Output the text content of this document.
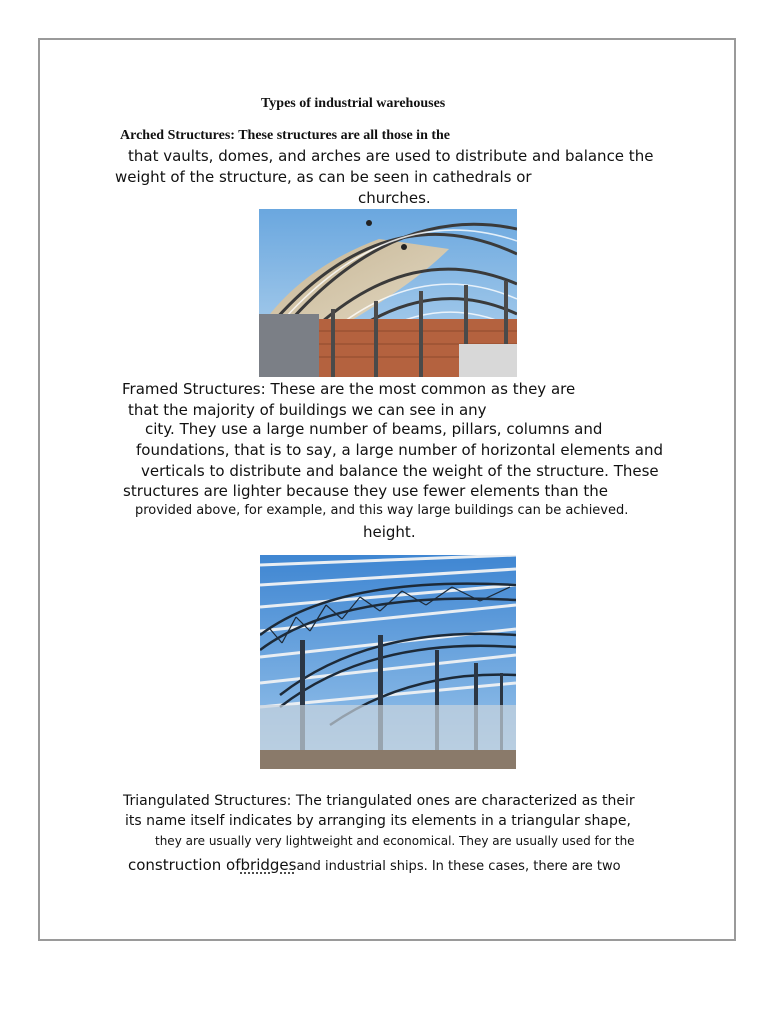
Types of industrial warehouses
Arched Structures: These structures are all those in the
that vaults, domes, and arches are used to distribute and balance the
weight of the structure, as can be seen in cathedrals or
churches.
Framed Structures: These are the most common as they are
that the majority of buildings we can see in any
city. They use a large number of beams, pillars, columns and
foundations, that is to say, a large number of horizontal elements and
verticals to distribute and balance the weight of the structure. These
structures are lighter because they use fewer elements than the
provided above, for example, and this way large buildings can be achieved.
height.
Triangulated Structures: The triangulated ones are characterized as their
its name itself indicates by arranging its elements in a triangular shape,
they are usually very lightweight and economical. They are usually used for the
construction ofbridgesand industrial ships. In these cases, there are two
